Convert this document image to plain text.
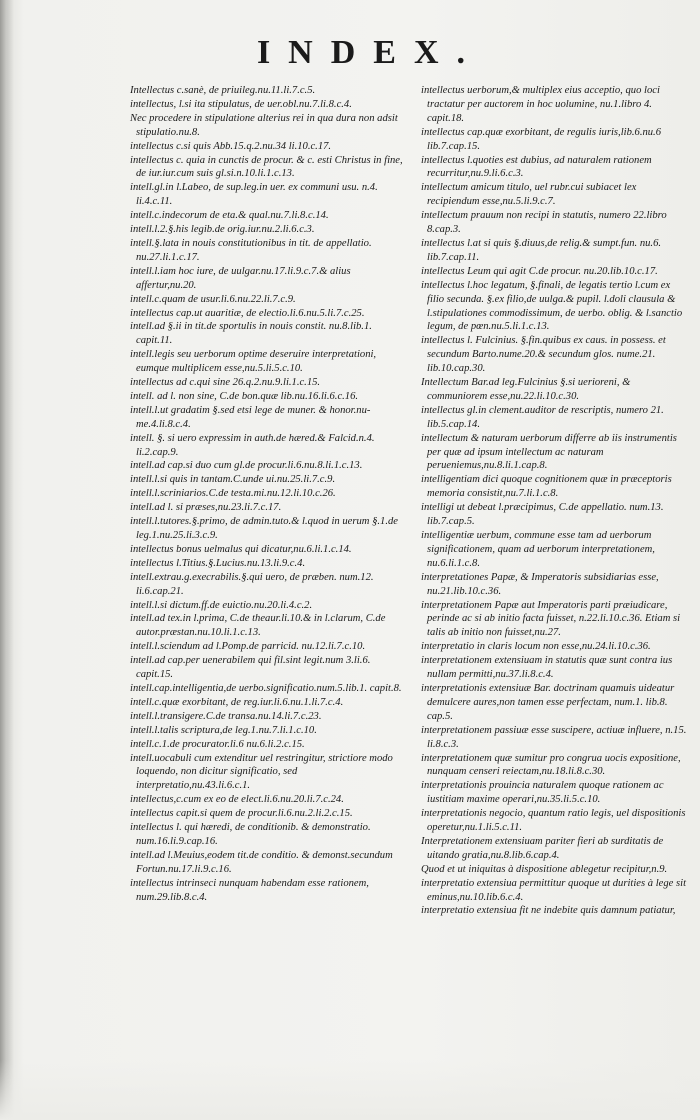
INDEX.

Intellectus c.sanè, de priuileg.nu.11.li.7.c.5.

intellectus, l.si ita stipulatus, de uer.obl.nu.7.li.8.c.4.

Nec procedere in stipulatione alterius rei in qua dura non adsit stipulatio.nu.8.

intellectus c.si quis Abb.15.q.2.nu.34 li.10.c.17.

intellectus c. quia in cunctis de procur. & c. esti Christus in fine, de iur.iur.cum suis gl.si.n.10.li.1.c.13.

intell.gl.in l.Labeo, de sup.leg.in uer. ex communi usu. n.4. li.4.c.11.

intell.c.indecorum de eta.& qual.nu.7.li.8.c.14.

intell.l.2.§.his legib.de orig.iur.nu.2.li.6.c.3.

intell.§.lata in nouis constitutionibus in tit. de appellatio. nu.27.li.1.c.17.

intell.l.iam hoc iure, de uulgar.nu.17.li.9.c.7.& alius affertur,nu.20.

intell.c.quam de usur.li.6.nu.22.li.7.c.9.

intellectus cap.ut auaritiæ, de electio.li.6.nu.5.li.7.c.25.

intell.ad §.ii in tit.de sportulis in nouis constit. nu.8.lib.1. capit.11.

intell.legis seu uerborum optime deseruire interpretationi, eumque multiplicem esse,nu.5.li.5.c.10.

intellectus ad c.qui sine 26.q.2.nu.9.li.1.c.15.

intell. ad l. non sine, C.de bon.quæ lib.nu.16.li.6.c.16.

intell.l.ut gradatim §.sed etsi lege de muner. & honor.nu-me.4.li.8.c.4.

intell. §. si uero expressim in auth.de hæred.& Falcid.n.4. li.2.cap.9.

intell.ad cap.si duo cum gl.de procur.li.6.nu.8.li.1.c.13.

intell.l.si quis in tantam.C.unde ui.nu.25.li.7.c.9.

intell.l.scriniarios.C.de testa.mi.nu.12.li.10.c.26.

intell.ad l. si præses,nu.23.li.7.c.17.

intell.l.tutores.§.primo, de admin.tuto.& l.quod in uerum §.1.de leg.1.nu.25.li.3.c.9.

intellectus bonus uelmalus qui dicatur,nu.6.li.1.c.14.

intellectus l.Titius.§.Lucius.nu.13.li.9.c.4.

intell.extrau.g.execrabilis.§.qui uero, de præben. num.12. li.6.cap.21.

intell.l.si dictum.ff.de euictio.nu.20.li.4.c.2.

intell.ad tex.in l.prima, C.de theaur.li.10.& in l.clarum, C.de autor.præstan.nu.10.li.1.c.13.

intell.l.sciendum ad l.Pomp.de parricid. nu.12.li.7.c.10.

intell.ad cap.per uenerabilem qui fil.sint legit.num 3.li.6. capit.15.

intell.cap.intelligentia,de uerbo.significatio.num.5.lib.1. capit.8.

intell.c.quæ exorbitant, de reg.iur.li.6.nu.1.li.7.c.4.

intell.l.transigere.C.de transa.nu.14.li.7.c.23.

intell.l.talis scriptura,de leg.1.nu.7.li.1.c.10.

intell.c.1.de procurator.li.6 nu.6.li.2.c.15.

intell.uocabuli cum extenditur uel restringitur, strictiore modo loquendo, non dicitur significatio, sed interpretatio,nu.43.li.6.c.1.

intellectus,c.cum ex eo de elect.li.6.nu.20.li.7.c.24.

intellectus capit.si quem de procur.li.6.nu.2.li.2.c.15.

intellectus l. qui hæredi, de conditionib. & demonstratio. num.16.li.9.cap.16.

intell.ad l.Meuius,eodem tit.de conditio. & demonst.secundum Fortun.nu.17.li.9.c.16.

intellectus intrinseci nunquam habendam esse rationem, num.29.lib.8.c.4.

intellectus uerborum,& multiplex eius acceptio, quo loci tractatur per auctorem in hoc uolumine, nu.1.libro 4. capit.18.

intellectus cap.quæ exorbitant, de regulis iuris,lib.6.nu.6 lib.7.cap.15.

intellectus l.quoties est dubius, ad naturalem rationem recurritur,nu.9.li.6.c.3.

intellectum amicum titulo, uel rubr.cui subiacet lex recipiendum esse,nu.5.li.9.c.7.

intellectum prauum non recipi in statutis, numero 22.libro 8.cap.3.

intellectus l.at si quis §.diuus,de relig.& sumpt.fun. nu.6. lib.7.cap.11.

intellectus Leum qui agit C.de procur. nu.20.lib.10.c.17.

intellectus l.hoc legatum, §.finali, de legatis tertio l.cum ex filio secunda. §.ex filio,de uulga.& pupil. l.doli clausula & l.stipulationes commodissimum, de uerbo. oblig. & l.sanctio legum, de pœn.nu.5.li.1.c.13.

intellectus l. Fulcinius. §.fin.quibus ex caus. in possess. et secundum Barto.nume.20.& secundum glos. nume.21. lib.10.cap.30.

Intellectum Bar.ad leg.Fulcinius §.si uerioreni, & communiorem esse,nu.22.li.10.c.30.

intellectus gl.in clement.auditor de rescriptis, numero 21. lib.5.cap.14.

intellectum & naturam uerborum differre ab iis instrumentis per quæ ad ipsum intellectum ac naturam perueniemus,nu.8.li.1.cap.8.

intelligentiam dici quoque cognitionem quæ in præceptoris memoria consistit,nu.7.li.1.c.8.

intelligi ut debeat l.præcipimus, C.de appellatio. num.13. lib.7.cap.5.

intelligentiæ uerbum, commune esse tam ad uerborum significationem, quam ad uerborum interpretationem, nu.6.li.1.c.8.

interpretationes Papæ, & Imperatoris subsidiarias esse, nu.21.lib.10.c.36.

interpretationem Papæ aut Imperatoris parti præiudicare, perinde ac si ab initio facta fuisset, n.22.li.10.c.36. Etiam si talis ab initio non fuisset,nu.27.

interpretatio in claris locum non esse,nu.24.li.10.c.36.

interpretationem extensiuam in statutis quæ sunt contra ius nullam permitti,nu.37.li.8.c.4.

interpretationis extensiuæ Bar. doctrinam quamuis uideatur demulcere aures,non tamen esse perfectam, num.1. lib.8. cap.5.

interpretationem passiuæ esse suscipere, actiuæ influere, n.15. li.8.c.3.

interpretationem quæ sumitur pro congrua uocis expositione, nunquam censeri reiectam,nu.18.li.8.c.30.

interpretationis prouincia naturalem quoque rationem ac iustitiam maxime operari,nu.35.li.5.c.10.

interpretationis negocio, quantum ratio legis, uel dispositionis operetur,nu.1.li.5.c.11.

Interpretationem extensiuam pariter fieri ab surditatis de uitando gratia,nu.8.lib.6.cap.4.

Quod et ut iniquitas à dispositione ablegetur recipitur,n.9.

interpretatio extensiua permittitur quoque ut durities à lege sit eminus,nu.10.lib.6.c.4.

interpretatio extensiua fit ne indebite quis damnum patiatur,
